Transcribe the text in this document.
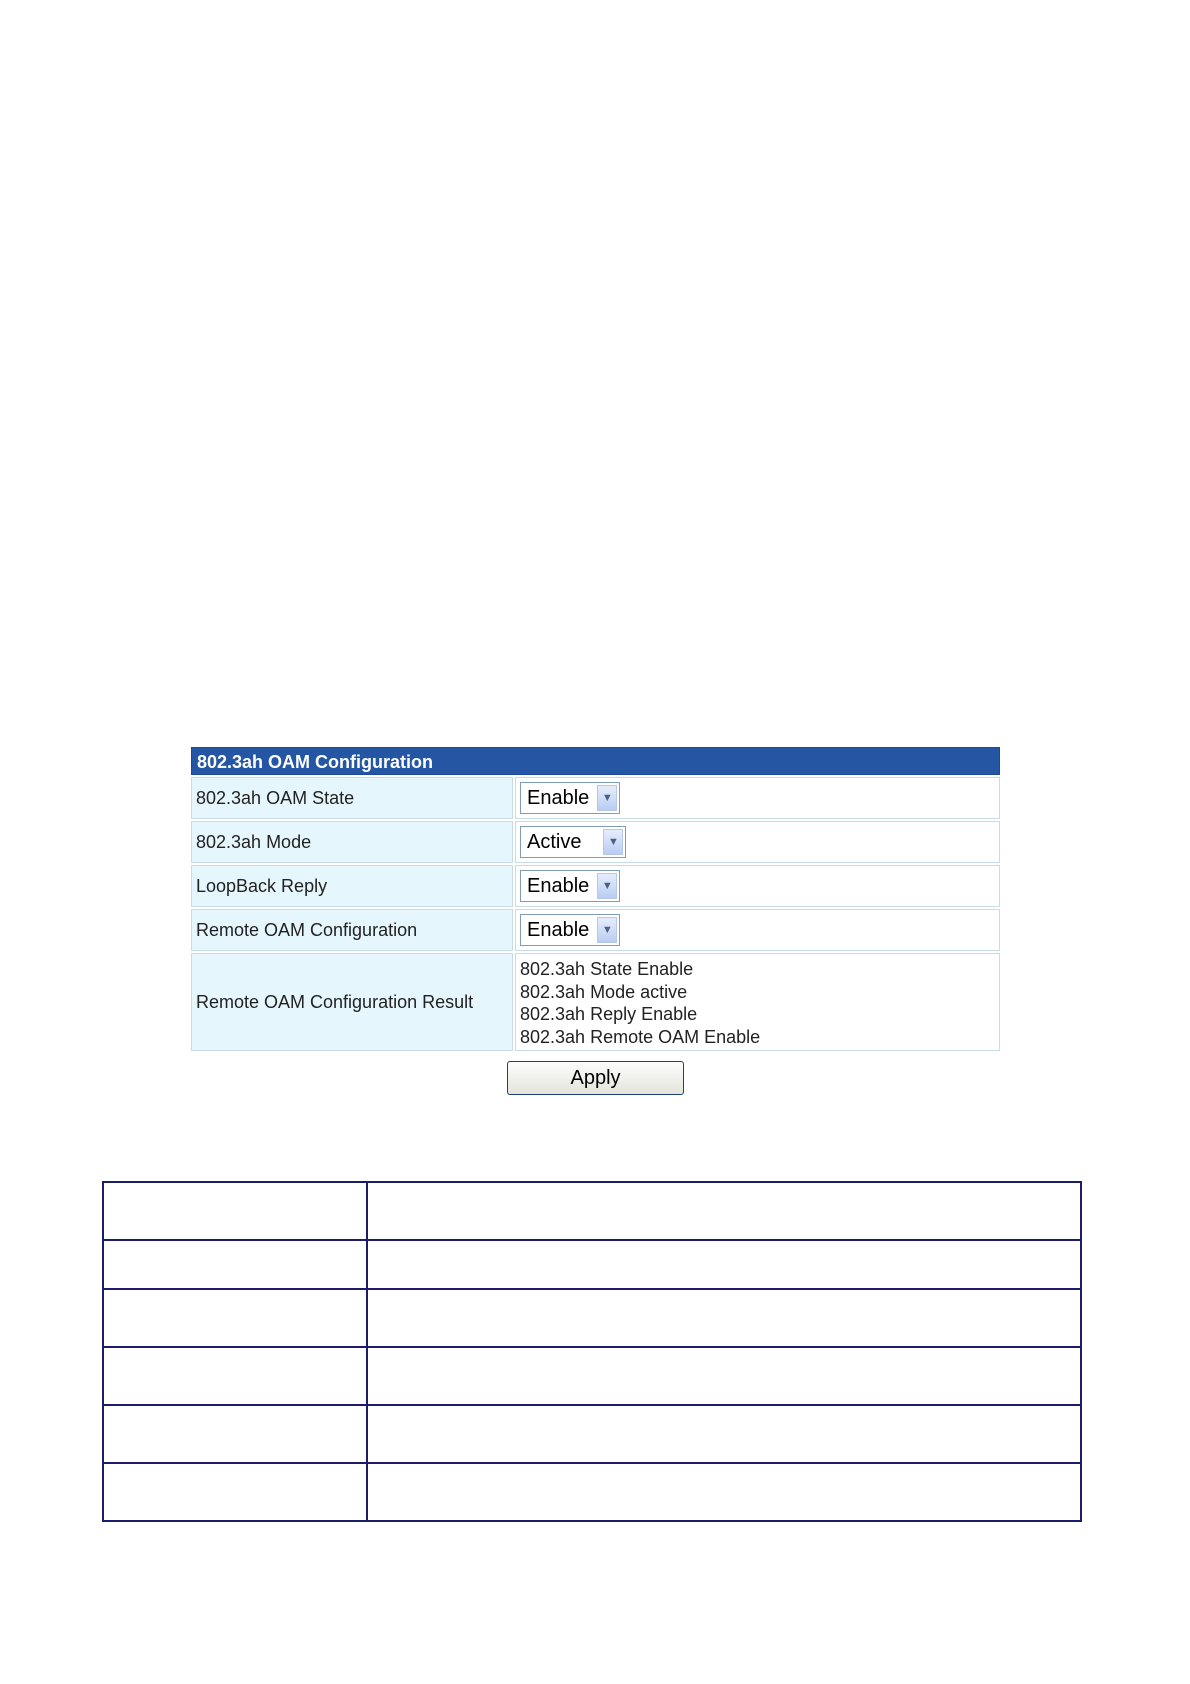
802.3ah OAM Configuration
802.3ah OAM State	Enable	▼
802.3ah Mode	Active	▼
LoopBack Reply	Enable	▼
Remote OAM Configuration	Enable	▼
Remote OAM Configuration Result
802.3ah State Enable
802.3ah Mode active
802.3ah Reply Enable
802.3ah Remote OAM Enable
Apply
